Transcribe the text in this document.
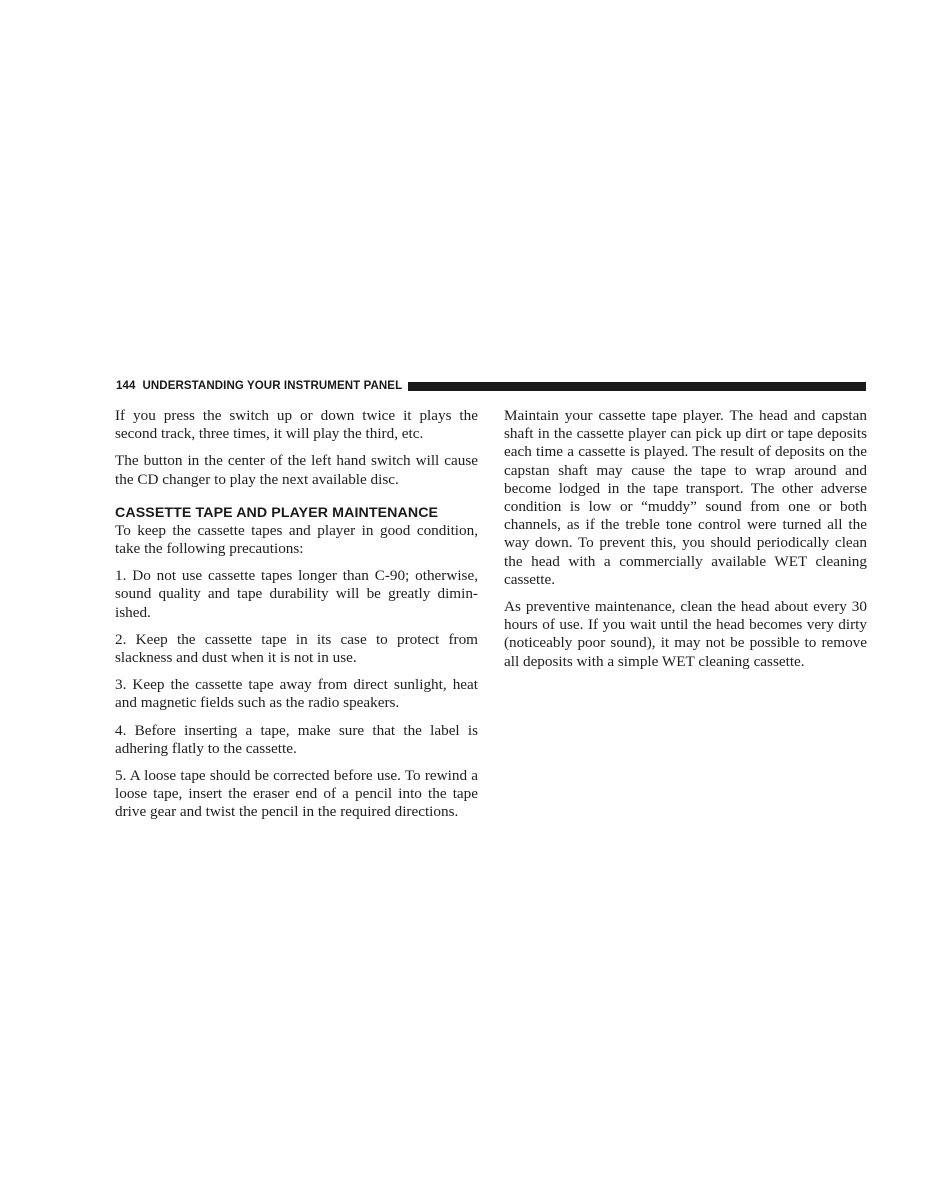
144 UNDERSTANDING YOUR INSTRUMENT PANEL

If you press the switch up or down twice it plays the second track, three times, it will play the third, etc.

The button in the center of the left hand switch will cause the CD changer to play the next available disc.

CASSETTE TAPE AND PLAYER MAINTENANCE

To keep the cassette tapes and player in good condition, take the following precautions:

1. Do not use cassette tapes longer than C-90; otherwise, sound quality and tape durability will be greatly dimin-ished.

2. Keep the cassette tape in its case to protect from slackness and dust when it is not in use.

3. Keep the cassette tape away from direct sunlight, heat and magnetic fields such as the radio speakers.

4. Before inserting a tape, make sure that the label is adhering flatly to the cassette.

5. A loose tape should be corrected before use. To rewind a loose tape, insert the eraser end of a pencil into the tape drive gear and twist the pencil in the required directions.

Maintain your cassette tape player. The head and capstan shaft in the cassette player can pick up dirt or tape deposits each time a cassette is played. The result of deposits on the capstan shaft may cause the tape to wrap around and become lodged in the tape transport. The other adverse condition is low or “muddy” sound from one or both channels, as if the treble tone control were turned all the way down. To prevent this, you should periodically clean the head with a commercially available WET cleaning cassette.

As preventive maintenance, clean the head about every 30 hours of use. If you wait until the head becomes very dirty (noticeably poor sound), it may not be possible to remove all deposits with a simple WET cleaning cassette.
